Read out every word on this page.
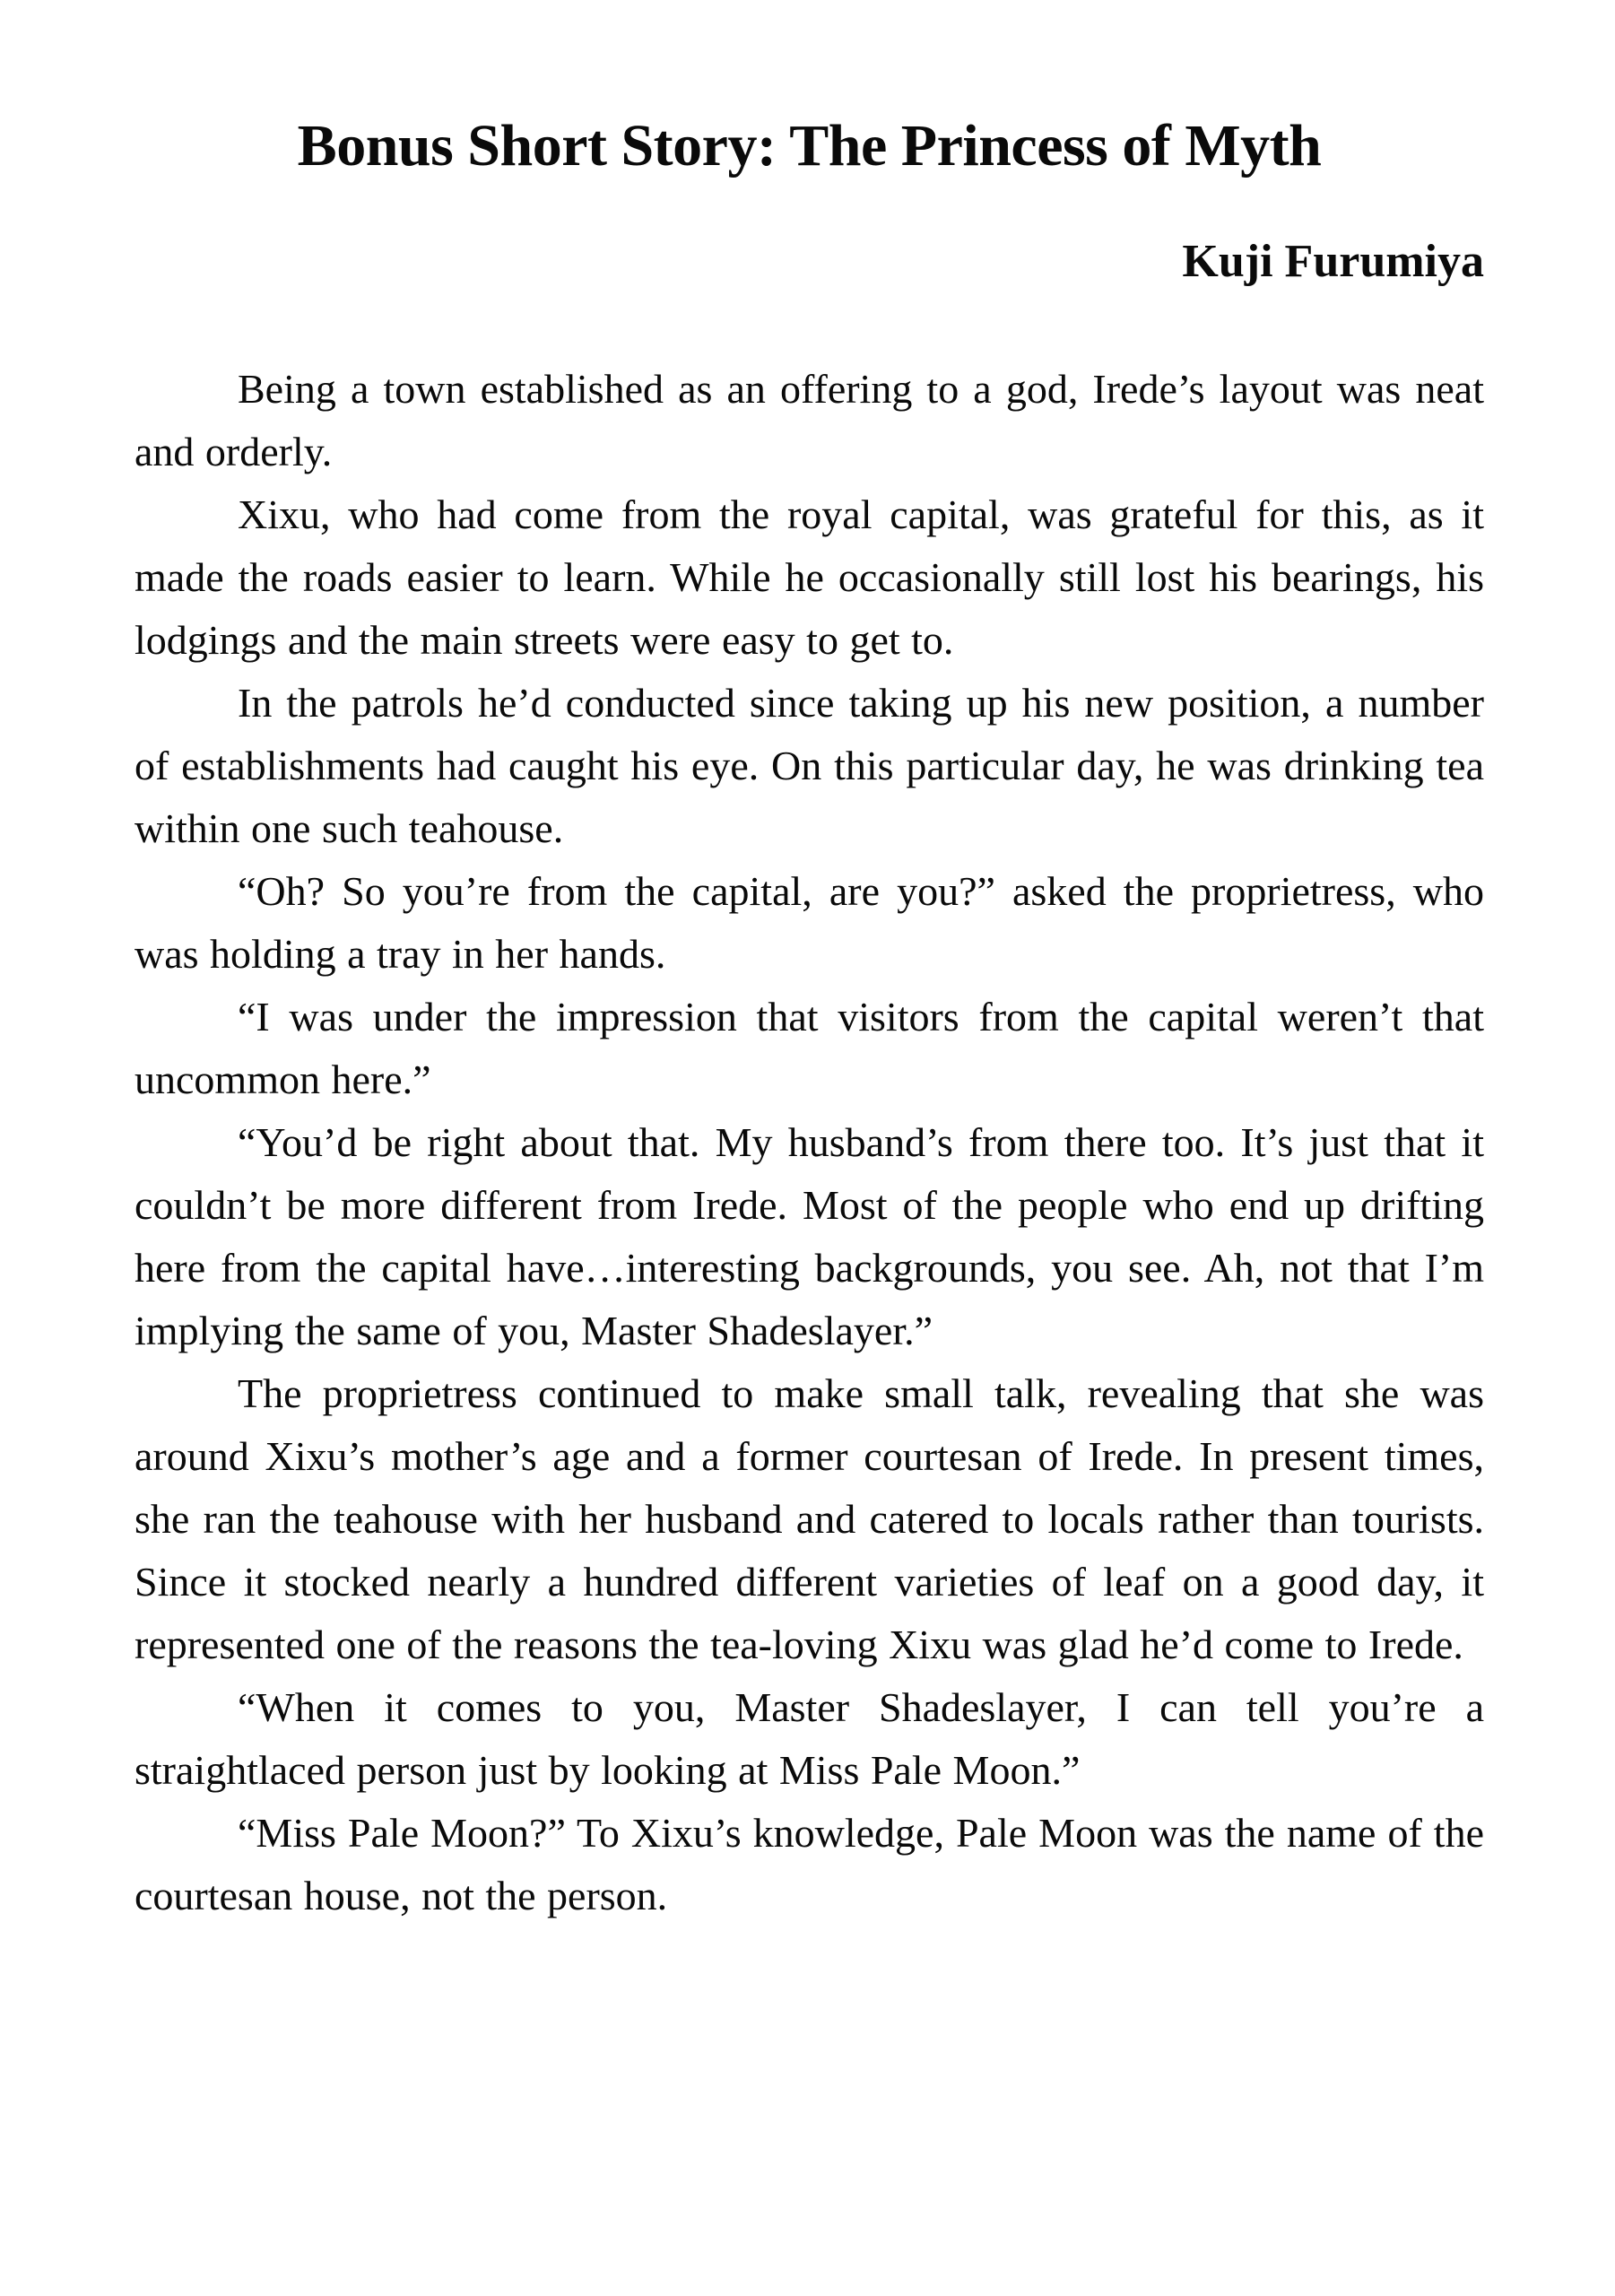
Bonus Short Story: The Princess of Myth
Kuji Furumiya

Being a town established as an offering to a god, Irede’s layout was neat and orderly.

Xixu, who had come from the royal capital, was grateful for this, as it made the roads easier to learn. While he occasionally still lost his bearings, his lodgings and the main streets were easy to get to.

In the patrols he’d conducted since taking up his new position, a number of establishments had caught his eye. On this particular day, he was drinking tea within one such teahouse.

“Oh? So you’re from the capital, are you?” asked the proprietress, who was holding a tray in her hands.

“I was under the impression that visitors from the capital weren’t that uncommon here.”

“You’d be right about that. My husband’s from there too. It’s just that it couldn’t be more different from Irede. Most of the people who end up drifting here from the capital have…interesting backgrounds, you see. Ah, not that I’m implying the same of you, Master Shadeslayer.”

The proprietress continued to make small talk, revealing that she was around Xixu’s mother’s age and a former courtesan of Irede. In present times, she ran the teahouse with her husband and catered to locals rather than tourists. Since it stocked nearly a hundred different varieties of leaf on a good day, it represented one of the reasons the tea-loving Xixu was glad he’d come to Irede.

“When it comes to you, Master Shadeslayer, I can tell you’re a straightlaced person just by looking at Miss Pale Moon.”

“Miss Pale Moon?” To Xixu’s knowledge, Pale Moon was the name of the courtesan house, not the person.
